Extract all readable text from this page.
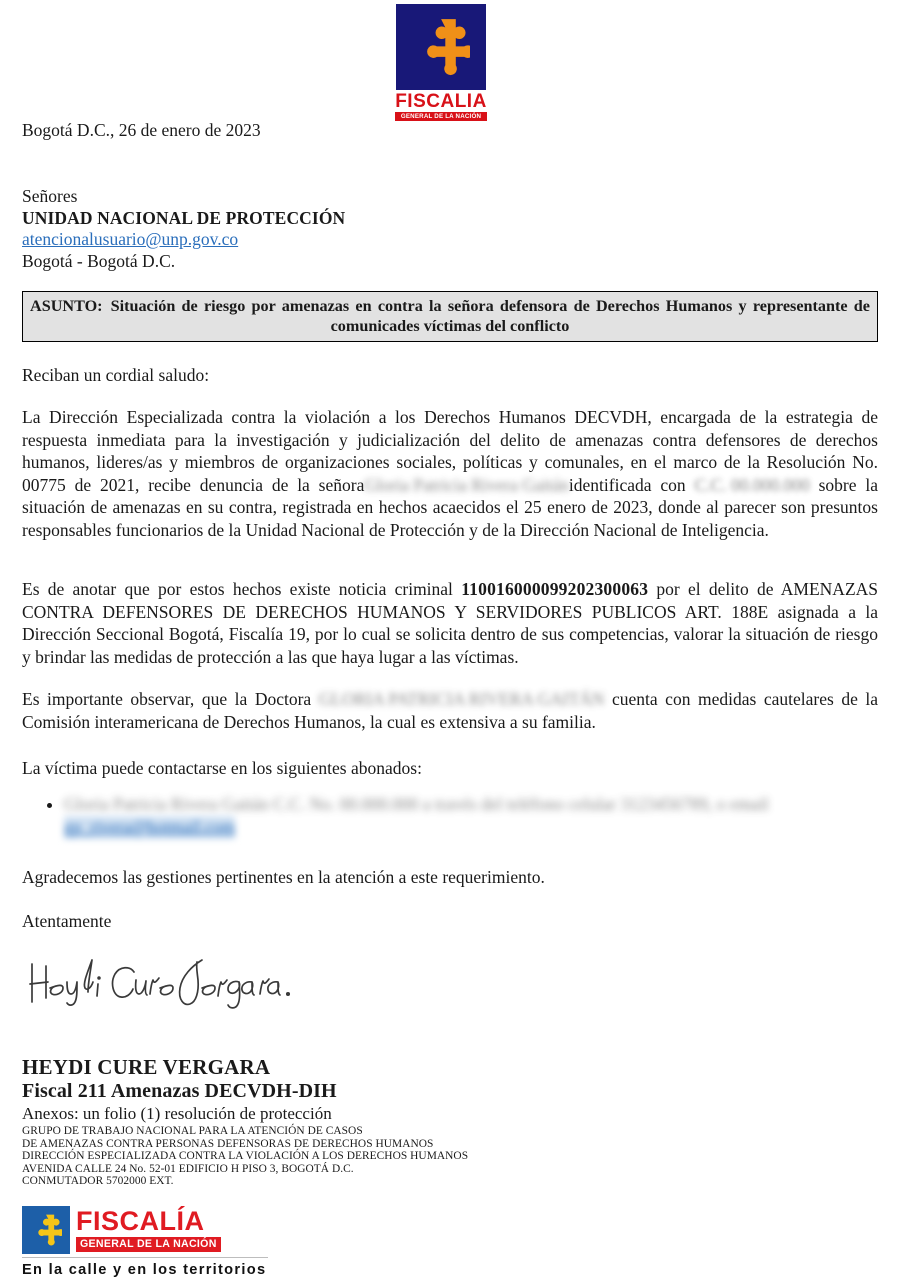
FISCALIA
GENERAL DE LA NACIÓN
Bogotá D.C., 26 de enero de 2023
Señores
UNIDAD NACIONAL DE PROTECCIÓN
atencionalusuario@unp.gov.co
Bogotá - Bogotá D.C.
ASUNTO: Situación de riesgo por amenazas en contra la señora defensora de Derechos Humanos y representante de comunicades víctimas del conflicto

Reciban un cordial saludo:

La Dirección Especializada contra la violación a los Derechos Humanos DECVDH, encargada de la estrategia de respuesta inmediata para la investigación y judicialización del delito de amenazas contra defensores de derechos humanos, lideres/as y miembros de organizaciones sociales, políticas y comunales, en el marco de la Resolución No. 00775 de 2021, recibe denuncia de la señoraGloria Patricia Rivera Gaitánidentificada con C.C. 00.000.000 sobre la situación de amenazas en su contra, registrada en hechos acaecidos el 25 enero de 2023, donde al parecer son presuntos responsables funcionarios de la Unidad Nacional de Protección y de la Dirección Nacional de Inteligencia.

Es de anotar que por estos hechos existe noticia criminal 110016000099202300063 por el delito de AMENAZAS CONTRA DEFENSORES DE DERECHOS HUMANOS Y SERVIDORES PUBLICOS ART. 188E asignada a la Dirección Seccional Bogotá, Fiscalía 19, por lo cual se solicita dentro de sus competencias, valorar la situación de riesgo y brindar las medidas de protección a las que haya lugar a las víctimas.

Es importante observar, que la Doctora GLORIA PATRICIA RIVERA GAITÁN cuenta con medidas cautelares de la Comisión interamericana de Derechos Humanos, la cual es extensiva a su familia.

La víctima puede contactarse en los siguientes abonados:

• Gloria Patricia Rivera Gaitán C.C. No. 00.000.000 a través del teléfono celular 3123456789, o email gp_rivera@hotmail.com

Agradecemos las gestiones pertinentes en la atención a este requerimiento.

Atentamente

HEYDI CURE VERGARA
Fiscal 211 Amenazas DECVDH-DIH
Anexos: un folio (1) resolución de protección
GRUPO DE TRABAJO NACIONAL PARA LA ATENCIÓN DE CASOS
DE AMENAZAS CONTRA PERSONAS DEFENSORAS DE DERECHOS HUMANOS
DIRECCIÓN ESPECIALIZADA CONTRA LA VIOLACIÓN A LOS DERECHOS HUMANOS
AVENIDA CALLE 24 No. 52-01 EDIFICIO H PISO 3, BOGOTÁ D.C.
CONMUTADOR 5702000 EXT.
FISCALÍA
GENERAL DE LA NACIÓN
En la calle y en los territorios
